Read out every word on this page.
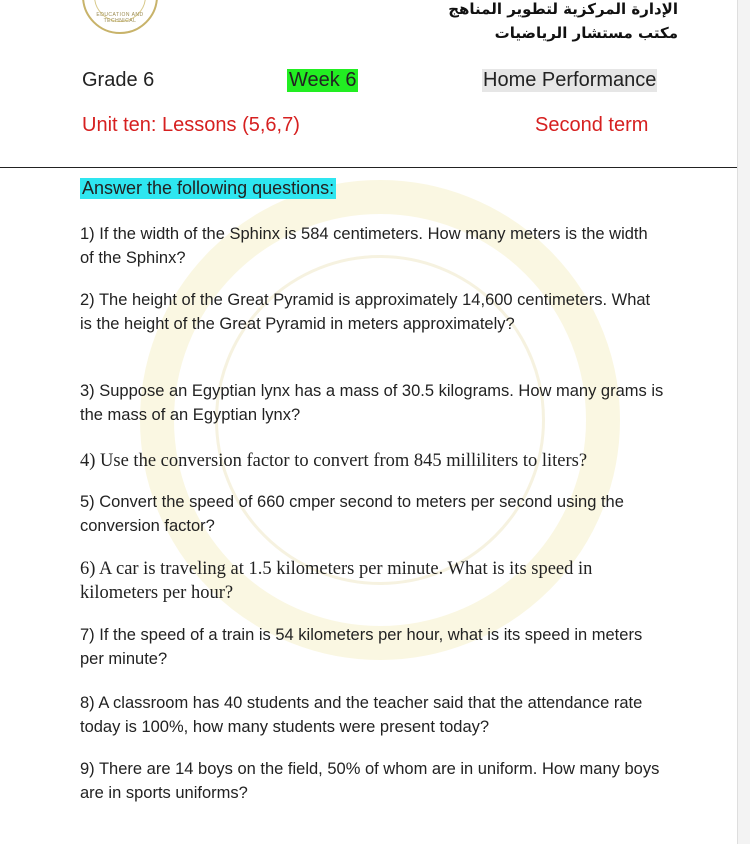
EDUCATION AND TECHNICAL
الإدارة المركزية لتطوير المناهج
مكتب مستشار الرياضيات
Grade 6	Week 6	Home Performance
Unit ten: Lessons (5,6,7)	Second term
Answer the following questions:
1) If the width of the Sphinx is 584 centimeters. How many meters is the width of the Sphinx?
2) The height of the Great Pyramid is approximately 14,600 centimeters. What is the height of the Great Pyramid in meters approximately?
3) Suppose an Egyptian lynx has a mass of 30.5 kilograms. How many grams is the mass of an Egyptian lynx?
4) Use the conversion factor to convert from 845 milliliters to liters?
5) Convert the speed of 660 cmper second to meters per second using the conversion factor?
6) A car is traveling at 1.5 kilometers per minute. What is its speed in kilometers per hour?
7) If the speed of a train is 54 kilometers per hour, what is its speed in meters per minute?
8) A classroom has 40 students and the teacher said that the attendance rate today is 100%, how many students were present today?
9) There are 14 boys on the field, 50% of whom are in uniform. How many boys are in sports uniforms?
